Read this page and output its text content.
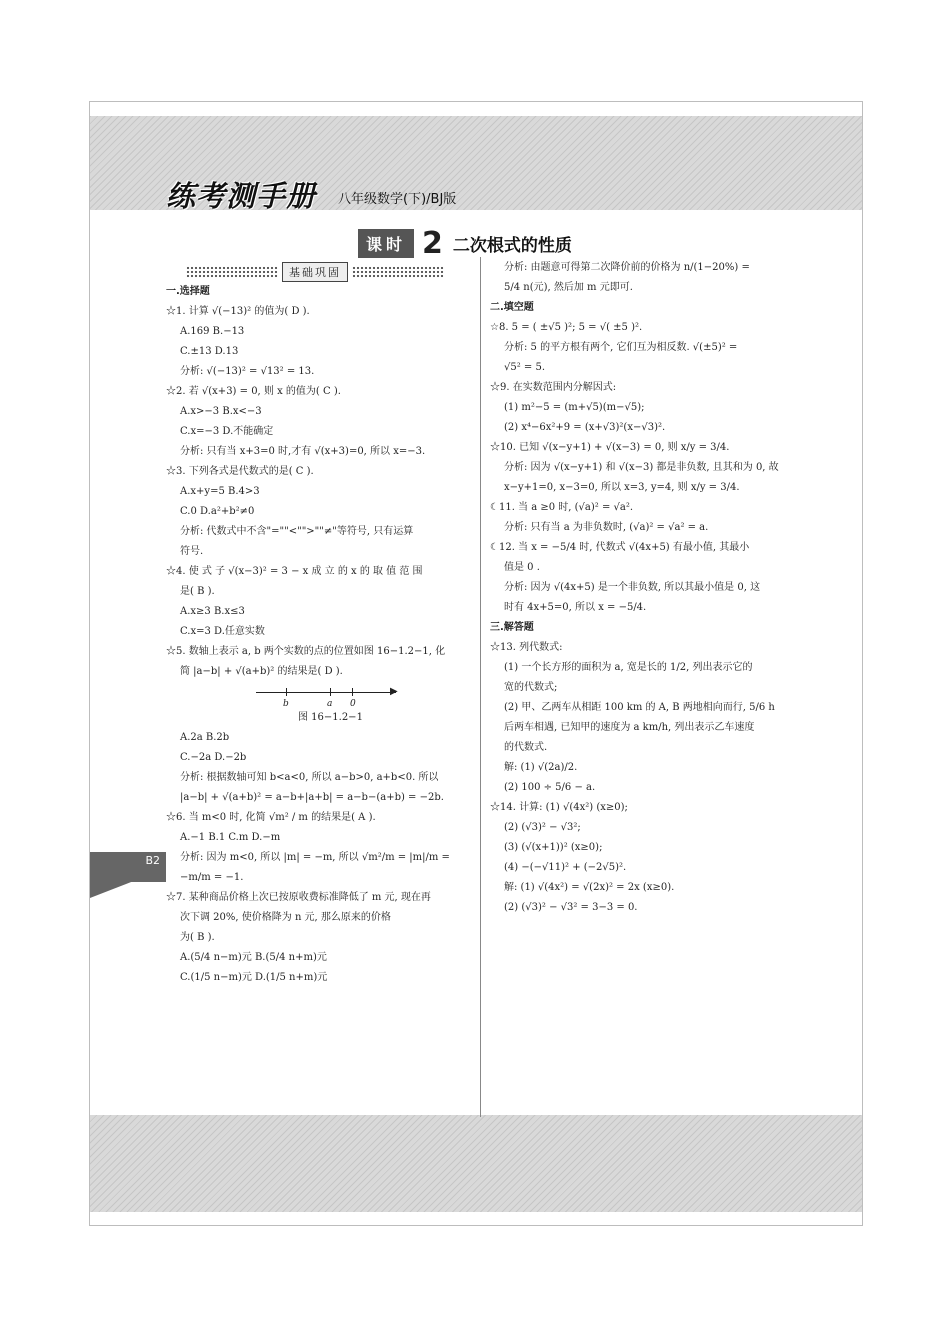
练考测手册 八年级数学(下)/BJ版
课时 2 二次根式的性质
基础巩固
B2
一.选择题
☆1. 计算 √(−13)² 的值为( D ).
A.169 B.−13
C.±13 D.13
分析: √(−13)² = √13² = 13.
☆2. 若 √(x+3) = 0, 则 x 的值为( C ).
A.x>−3 B.x<−3
C.x=−3 D.不能确定
分析: 只有当 x+3=0 时,才有 √(x+3)=0, 所以 x=−3.
☆3. 下列各式是代数式的是( C ).
A.x+y=5 B.4>3
C.0 D.a²+b²≠0
分析: 代数式中不含"=""<"">""≠"等符号, 只有运算
符号.
☆4. 使 式 子 √(x−3)² = 3 − x 成 立 的 x 的 取 值 范 围
是( B ).
A.x≥3 B.x≤3
C.x=3 D.任意实数
☆5. 数轴上表示 a, b 两个实数的点的位置如图 16−1.2−1, 化
简 |a−b| + √(a+b)² 的结果是( D ).
▶
b	a 0
图 16−1.2−1
A.2a B.2b
C.−2a D.−2b
分析: 根据数轴可知 b<a<0, 所以 a−b>0, a+b<0. 所以
|a−b| + √(a+b)² = a−b+|a+b| = a−b−(a+b) = −2b.
☆6. 当 m<0 时, 化简 √m² / m 的结果是( A ).
A.−1 B.1 C.m D.−m
分析: 因为 m<0, 所以 |m| = −m, 所以 √m²/m = |m|/m =
−m/m = −1.
☆7. 某种商品价格上次已按原收费标准降低了 m 元, 现在再
次下调 20%, 使价格降为 n 元, 那么原来的价格
为( B ).
A.(5/4 n−m)元 B.(5/4 n+m)元
C.(1/5 n−m)元 D.(1/5 n+m)元
分析: 由题意可得第二次降价前的价格为 n/(1−20%) =
5/4 n(元), 然后加 m 元即可.
二.填空题
☆8. 5 = ( ±√5 )²; 5 = √( ±5 )².
分析: 5 的平方根有两个, 它们互为相反数. √(±5)² =
√5² = 5.
☆9. 在实数范围内分解因式:
(1) m²−5 = (m+√5)(m−√5);
(2) x⁴−6x²+9 = (x+√3)²(x−√3)².
☆10. 已知 √(x−y+1) + √(x−3) = 0, 则 x/y = 3/4.
分析: 因为 √(x−y+1) 和 √(x−3) 都是非负数, 且其和为 0, 故
x−y+1=0, x−3=0, 所以 x=3, y=4, 则 x/y = 3/4.
☾11. 当 a ≥0 时, (√a)² = √a².
分析: 只有当 a 为非负数时, (√a)² = √a² = a.
☾12. 当 x = −5/4 时, 代数式 √(4x+5) 有最小值, 其最小
值是 0 .
分析: 因为 √(4x+5) 是一个非负数, 所以其最小值是 0, 这
时有 4x+5=0, 所以 x = −5/4.
三.解答题
☆13. 列代数式:
(1) 一个长方形的面积为 a, 宽是长的 1/2, 列出表示它的
宽的代数式;
(2) 甲、乙两车从相距 100 km 的 A, B 两地相向而行, 5/6 h
后两车相遇, 已知甲的速度为 a km/h, 列出表示乙车速度
的代数式.
解: (1) √(2a)/2.
(2) 100 ÷ 5/6 − a.
☆14. 计算: (1) √(4x²) (x≥0);
(2) (√3)² − √3²;
(3) (√(x+1))² (x≥0);
(4) −(−√11)² + (−2√5)².
解: (1) √(4x²) = √(2x)² = 2x (x≥0).
(2) (√3)² − √3² = 3−3 = 0.
